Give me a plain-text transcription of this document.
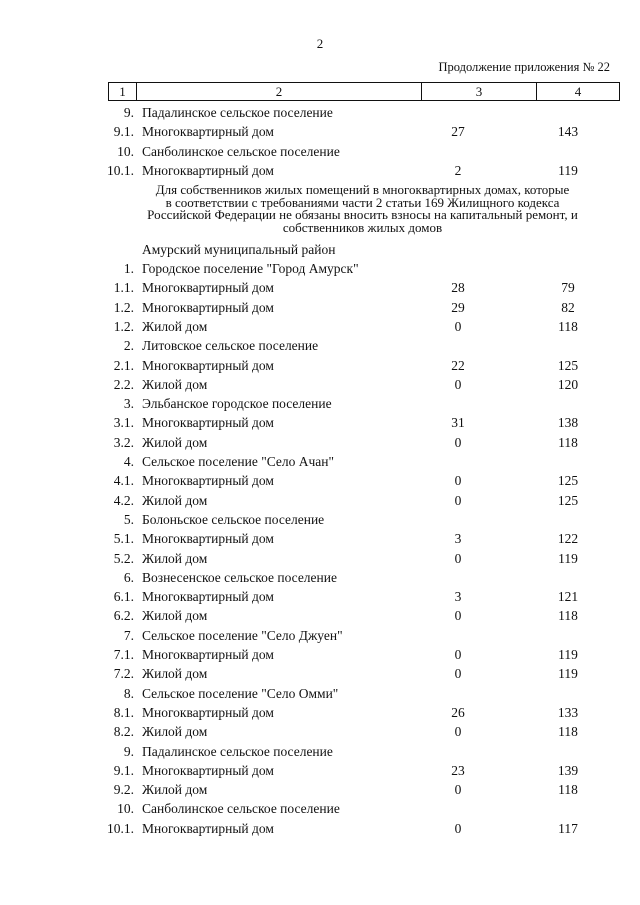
2
Продолжение приложения № 22
1	2	3	4
9. Падалинское сельское поселение
9.1. Многоквартирный дом	27	143
10. Санболинское сельское поселение
10.1. Многоквартирный дом	2	119
Для собственников жилых помещений в многоквартирных домах, которые
в соответствии с требованиями части 2 статьи 169 Жилищного кодекса
Российской Федерации не обязаны вносить взносы на капитальный ремонт, и
собственников жилых домов
Амурский муниципальный район
1. Городское поселение "Город Амурск"
1.1. Многоквартирный дом	28	79
1.2. Многоквартирный дом	29	82
1.2. Жилой дом	0	118
2. Литовское сельское поселение
2.1. Многоквартирный дом	22	125
2.2. Жилой дом	0	120
3. Эльбанское городское поселение
3.1. Многоквартирный дом	31	138
3.2. Жилой дом	0	118
4. Сельское поселение "Село Ачан"
4.1. Многоквартирный дом	0	125
4.2. Жилой дом	0	125
5. Болоньское сельское поселение
5.1. Многоквартирный дом	3	122
5.2. Жилой дом	0	119
6. Вознесенское сельское поселение
6.1. Многоквартирный дом	3	121
6.2. Жилой дом	0	118
7. Сельское поселение "Село Джуен"
7.1. Многоквартирный дом	0	119
7.2. Жилой дом	0	119
8. Сельское поселение "Село Омми"
8.1. Многоквартирный дом	26	133
8.2. Жилой дом	0	118
9. Падалинское сельское поселение
9.1. Многоквартирный дом	23	139
9.2. Жилой дом	0	118
10. Санболинское сельское поселение
10.1. Многоквартирный дом	0	117
